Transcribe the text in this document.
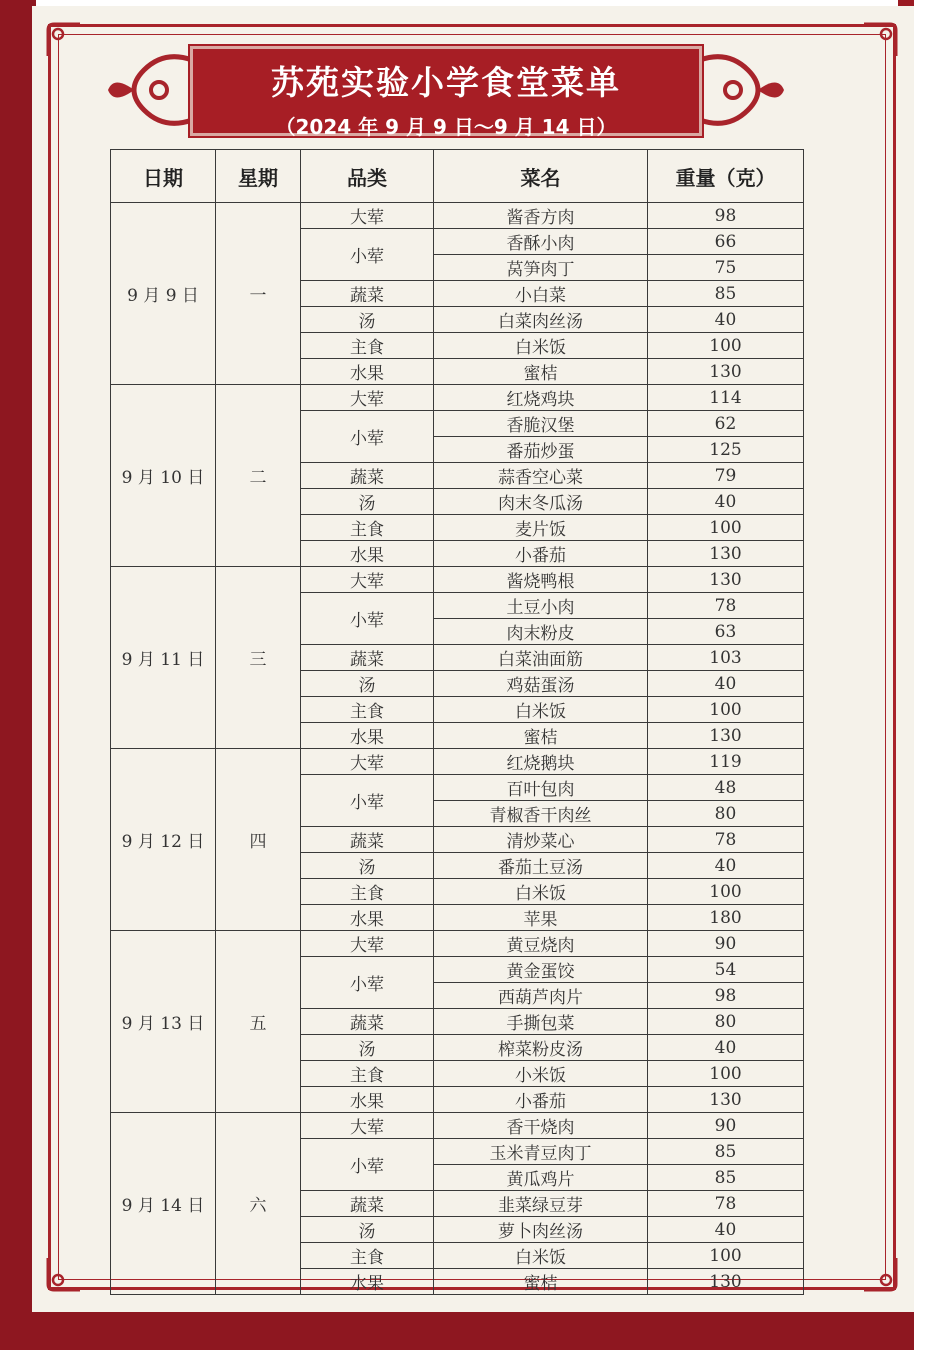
苏苑实验小学食堂菜单
（2024 年 9 月 9 日～9 月 14 日）
日期	星期	品类	菜名	重量（克）
9 月 9 日	一	大荤	酱香方肉	98
		小荤	香酥小肉	66
			莴笋肉丁	75
		蔬菜	小白菜	85
		汤	白菜肉丝汤	40
		主食	白米饭	100
		水果	蜜桔	130
9 月 10 日	二	大荤	红烧鸡块	114
		小荤	香脆汉堡	62
			番茄炒蛋	125
		蔬菜	蒜香空心菜	79
		汤	肉末冬瓜汤	40
		主食	麦片饭	100
		水果	小番茄	130
9 月 11 日	三	大荤	酱烧鸭根	130
		小荤	土豆小肉	78
			肉末粉皮	63
		蔬菜	白菜油面筋	103
		汤	鸡菇蛋汤	40
		主食	白米饭	100
		水果	蜜桔	130
9 月 12 日	四	大荤	红烧鹅块	119
		小荤	百叶包肉	48
			青椒香干肉丝	80
		蔬菜	清炒菜心	78
		汤	番茄土豆汤	40
		主食	白米饭	100
		水果	苹果	180
9 月 13 日	五	大荤	黄豆烧肉	90
		小荤	黄金蛋饺	54
			西葫芦肉片	98
		蔬菜	手撕包菜	80
		汤	榨菜粉皮汤	40
		主食	小米饭	100
		水果	小番茄	130
9 月 14 日	六	大荤	香干烧肉	90
		小荤	玉米青豆肉丁	85
			黄瓜鸡片	85
		蔬菜	韭菜绿豆芽	78
		汤	萝卜肉丝汤	40
		主食	白米饭	100
		水果	蜜桔	130
